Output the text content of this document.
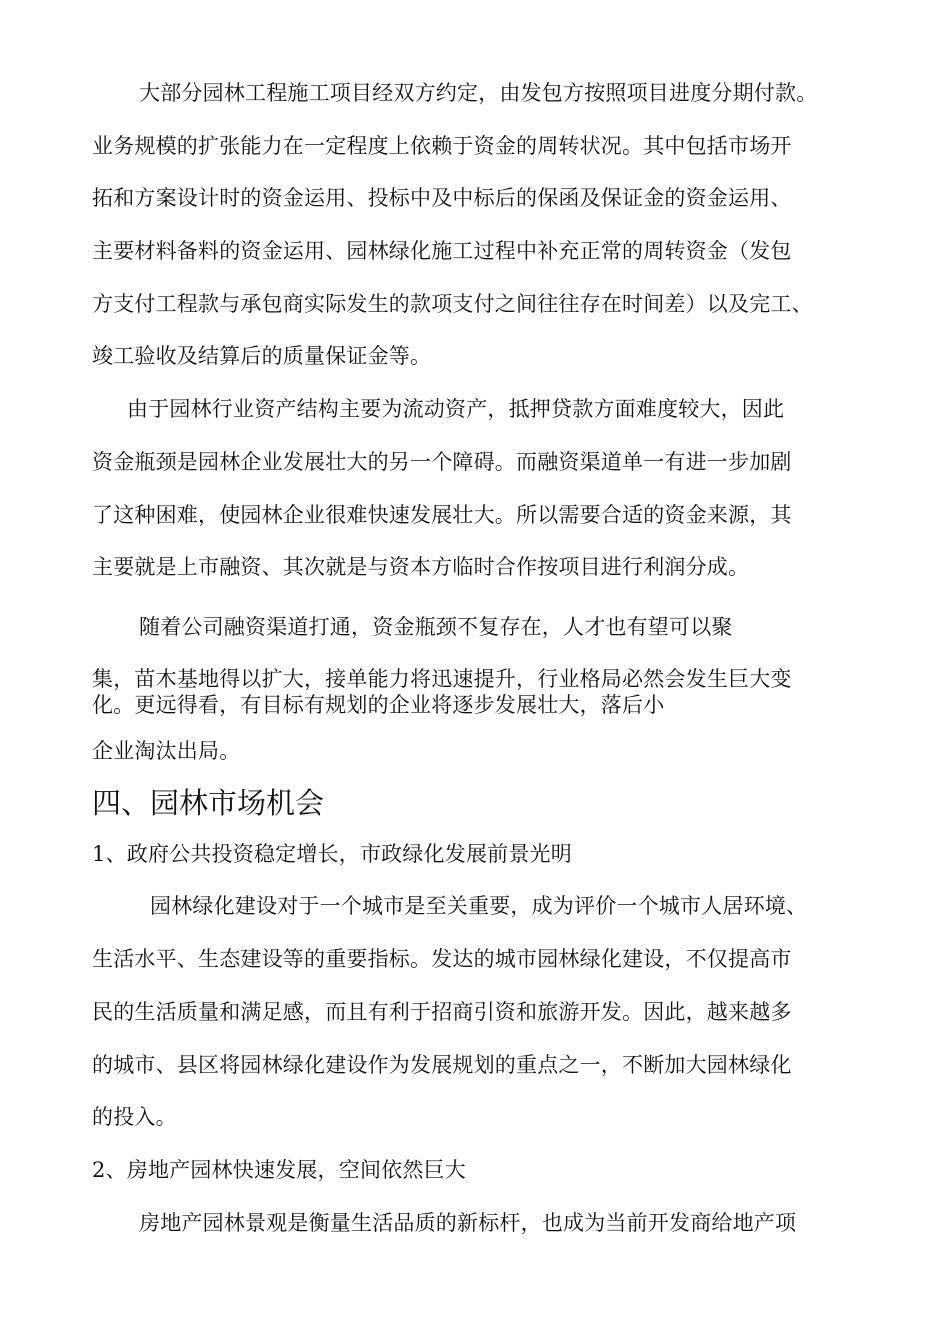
大部分园林工程施工项目经双方约定，由发包方按照项目进度分期付款。
业务规模的扩张能力在一定程度上依赖于资金的周转状况。其中包括市场开
拓和方案设计时的资金运用、投标中及中标后的保函及保证金的资金运用、
主要材料备料的资金运用、园林绿化施工过程中补充正常的周转资金（发包
方支付工程款与承包商实际发生的款项支付之间往往存在时间差）以及完工、
竣工验收及结算后的质量保证金等。
由于园林行业资产结构主要为流动资产，抵押贷款方面难度较大，因此
资金瓶颈是园林企业发展壮大的另一个障碍。而融资渠道单一有进一步加剧
了这种困难，使园林企业很难快速发展壮大。所以需要合适的资金来源，其
主要就是上市融资、其次就是与资本方临时合作按项目进行利润分成。
随着公司融资渠道打通，资金瓶颈不复存在，人才也有望可以聚
集，苗木基地得以扩大，接单能力将迅速提升，行业格局必然会发生巨大变
化。更远得看，有目标有规划的企业将逐步发展壮大，落后小
企业淘汰出局。
四、园林市场机会
1、政府公共投资稳定增长，市政绿化发展前景光明
园林绿化建设对于一个城市是至关重要，成为评价一个城市人居环境、
生活水平、生态建设等的重要指标。发达的城市园林绿化建设，不仅提高市
民的生活质量和满足感，而且有利于招商引资和旅游开发。因此，越来越多
的城市、县区将园林绿化建设作为发展规划的重点之一，不断加大园林绿化
的投入。
2、房地产园林快速发展，空间依然巨大
房地产园林景观是衡量生活品质的新标杆，也成为当前开发商给地产项
